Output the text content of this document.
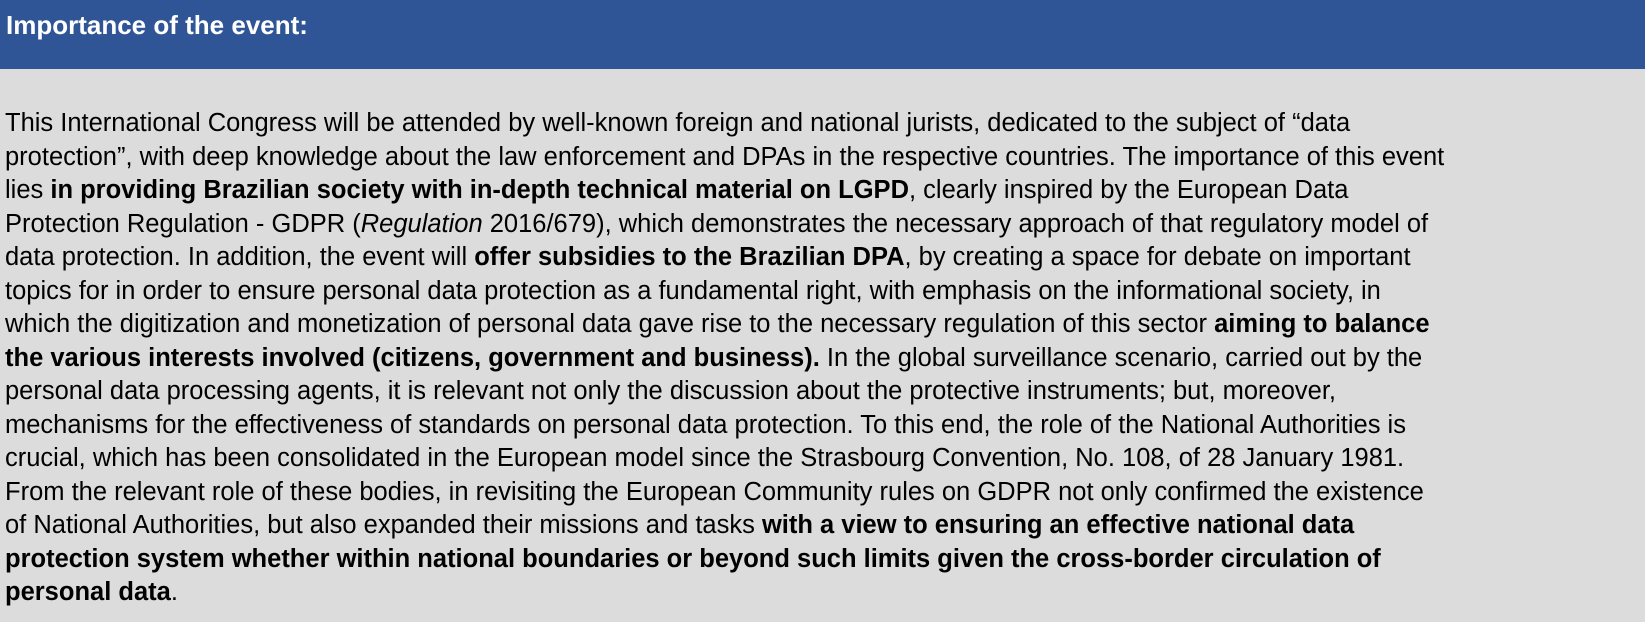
Importance of the event:
This International Congress will be attended by well-known foreign and national jurists, dedicated to the subject of “data
protection”, with deep knowledge about the law enforcement and DPAs in the respective countries. The importance of this event
lies in providing Brazilian society with in-depth technical material on LGPD, clearly inspired by the European Data
Protection Regulation - GDPR (Regulation 2016/679), which demonstrates the necessary approach of that regulatory model of
data protection. In addition, the event will offer subsidies to the Brazilian DPA, by creating a space for debate on important
topics for in order to ensure personal data protection as a fundamental right, with emphasis on the informational society, in
which the digitization and monetization of personal data gave rise to the necessary regulation of this sector aiming to balance
the various interests involved (citizens, government and business). In the global surveillance scenario, carried out by the
personal data processing agents, it is relevant not only the discussion about the protective instruments; but, moreover,
mechanisms for the effectiveness of standards on personal data protection. To this end, the role of the National Authorities is
crucial, which has been consolidated in the European model since the Strasbourg Convention, No. 108, of 28 January 1981.
From the relevant role of these bodies, in revisiting the European Community rules on GDPR not only confirmed the existence
of National Authorities, but also expanded their missions and tasks with a view to ensuring an effective national data
protection system whether within national boundaries or beyond such limits given the cross-border circulation of
personal data.
